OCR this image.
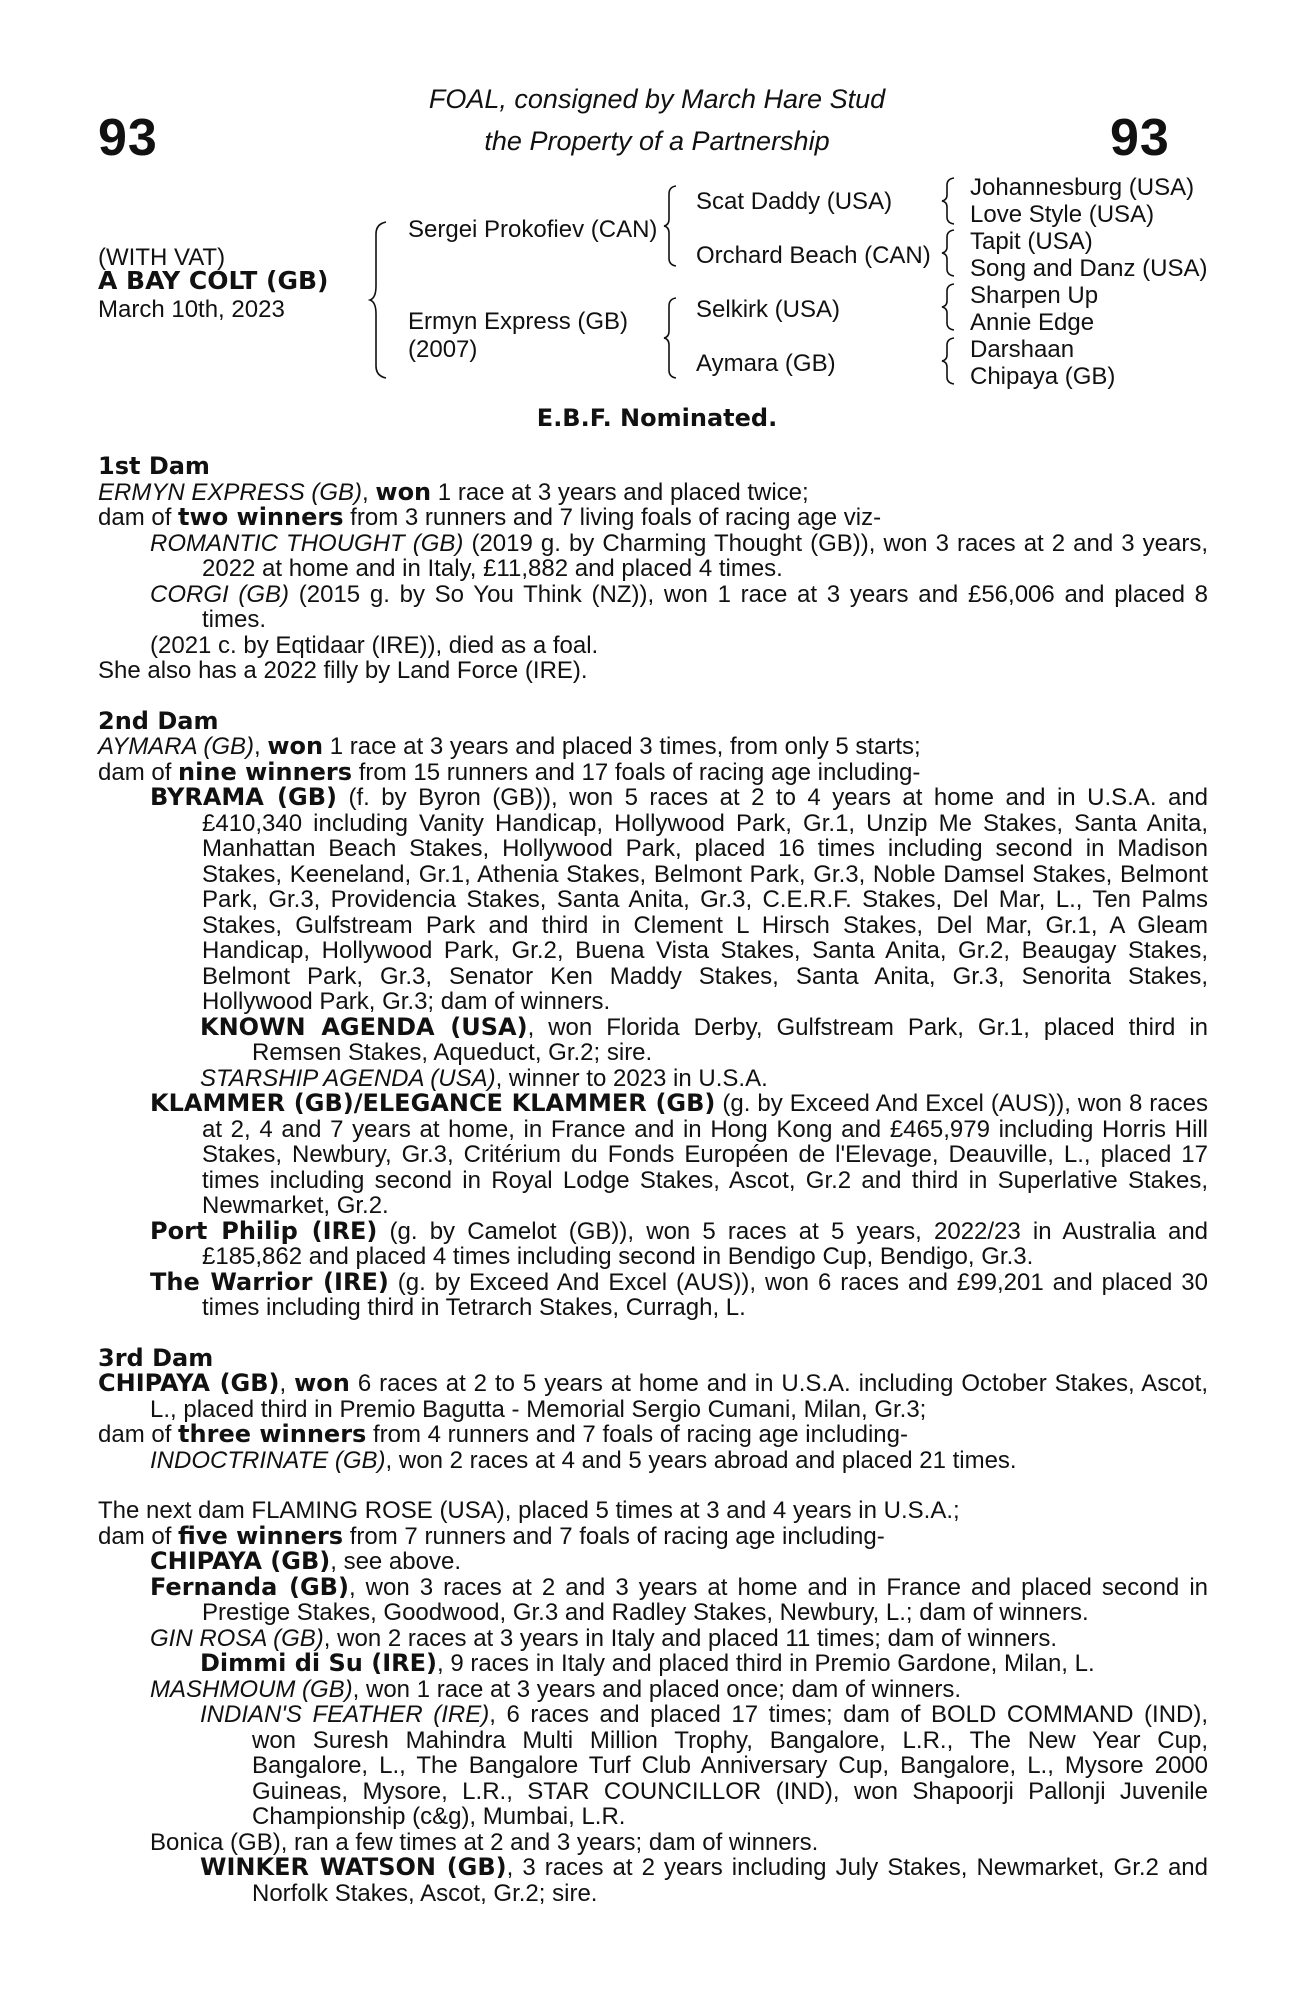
93	93
FOAL, consigned by March Hare Stud
the Property of a Partnership
(WITH VAT)
A BAY COLT (GB)
March 10th, 2023
Sergei Prokofiev (CAN)
Ermyn Express (GB)
(2007)
Scat Daddy (USA)
Orchard Beach (CAN)
Selkirk (USA)
Aymara (GB)
Johannesburg (USA)
Love Style (USA)
Tapit (USA)
Song and Danz (USA)
Sharpen Up
Annie Edge
Darshaan
Chipaya (GB)
E.B.F. Nominated.

1st Dam

ERMYN EXPRESS (GB), won 1 race at 3 years and placed twice;

dam of two winners from 3 runners and 7 living foals of racing age viz-

ROMANTIC THOUGHT (GB) (2019 g. by Charming Thought (GB)), won 3 races at 2 and 3 years, 2022 at home and in Italy, £11,882 and placed 4 times.

CORGI (GB) (2015 g. by So You Think (NZ)), won 1 race at 3 years and £56,006 and placed 8 times.

(2021 c. by Eqtidaar (IRE)), died as a foal.

She also has a 2022 filly by Land Force (IRE).

2nd Dam

AYMARA (GB), won 1 race at 3 years and placed 3 times, from only 5 starts;

dam of nine winners from 15 runners and 17 foals of racing age including-

BYRAMA (GB) (f. by Byron (GB)), won 5 races at 2 to 4 years at home and in U.S.A. and £410,340 including Vanity Handicap, Hollywood Park, Gr.1, Unzip Me Stakes, Santa Anita, Manhattan Beach Stakes, Hollywood Park, placed 16 times including second in Madison Stakes, Keeneland, Gr.1, Athenia Stakes, Belmont Park, Gr.3, Noble Damsel Stakes, Belmont Park, Gr.3, Providencia Stakes, Santa Anita, Gr.3, C.E.R.F. Stakes, Del Mar, L., Ten Palms Stakes, Gulfstream Park and third in Clement L Hirsch Stakes, Del Mar, Gr.1, A Gleam Handicap, Hollywood Park, Gr.2, Buena Vista Stakes, Santa Anita, Gr.2, Beaugay Stakes, Belmont Park, Gr.3, Senator Ken Maddy Stakes, Santa Anita, Gr.3, Senorita Stakes, Hollywood Park, Gr.3; dam of winners.

KNOWN AGENDA (USA), won Florida Derby, Gulfstream Park, Gr.1, placed third in Remsen Stakes, Aqueduct, Gr.2; sire.

STARSHIP AGENDA (USA), winner to 2023 in U.S.A.

KLAMMER (GB)/ELEGANCE KLAMMER (GB) (g. by Exceed And Excel (AUS)), won 8 races at 2, 4 and 7 years at home, in France and in Hong Kong and £465,979 including Horris Hill Stakes, Newbury, Gr.3, Critérium du Fonds Européen de l'Elevage, Deauville, L., placed 17 times including second in Royal Lodge Stakes, Ascot, Gr.2 and third in Superlative Stakes, Newmarket, Gr.2.

Port Philip (IRE) (g. by Camelot (GB)), won 5 races at 5 years, 2022/23 in Australia and £185,862 and placed 4 times including second in Bendigo Cup, Bendigo, Gr.3.

The Warrior (IRE) (g. by Exceed And Excel (AUS)), won 6 races and £99,201 and placed 30 times including third in Tetrarch Stakes, Curragh, L.

3rd Dam

CHIPAYA (GB), won 6 races at 2 to 5 years at home and in U.S.A. including October Stakes, Ascot, L., placed third in Premio Bagutta - Memorial Sergio Cumani, Milan, Gr.3;

dam of three winners from 4 runners and 7 foals of racing age including-

INDOCTRINATE (GB), won 2 races at 4 and 5 years abroad and placed 21 times.

The next dam FLAMING ROSE (USA), placed 5 times at 3 and 4 years in U.S.A.;

dam of five winners from 7 runners and 7 foals of racing age including-

CHIPAYA (GB), see above.

Fernanda (GB), won 3 races at 2 and 3 years at home and in France and placed second in Prestige Stakes, Goodwood, Gr.3 and Radley Stakes, Newbury, L.; dam of winners.

GIN ROSA (GB), won 2 races at 3 years in Italy and placed 11 times; dam of winners.

Dimmi di Su (IRE), 9 races in Italy and placed third in Premio Gardone, Milan, L.

MASHMOUM (GB), won 1 race at 3 years and placed once; dam of winners.

INDIAN'S FEATHER (IRE), 6 races and placed 17 times; dam of BOLD COMMAND (IND), won Suresh Mahindra Multi Million Trophy, Bangalore, L.R., The New Year Cup, Bangalore, L., The Bangalore Turf Club Anniversary Cup, Bangalore, L., Mysore 2000 Guineas, Mysore, L.R., STAR COUNCILLOR (IND), won Shapoorji Pallonji Juvenile Championship (c&g), Mumbai, L.R.

Bonica (GB), ran a few times at 2 and 3 years; dam of winners.

WINKER WATSON (GB), 3 races at 2 years including July Stakes, Newmarket, Gr.2 and Norfolk Stakes, Ascot, Gr.2; sire.
